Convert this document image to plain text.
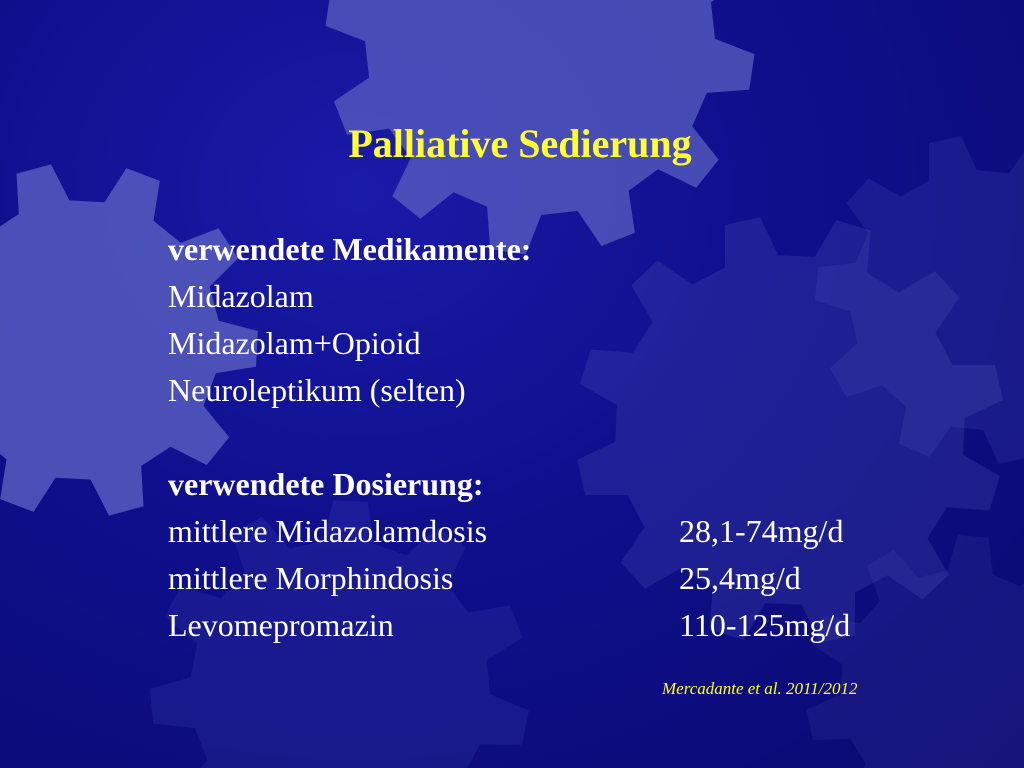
Palliative Sedierung
verwendete Medikamente:
Midazolam
Midazolam+Opioid
Neuroleptikum (selten)
verwendete Dosierung:
mittlere Midazolamdosis	28,1-74mg/d
mittlere Morphindosis	25,4mg/d
Levomepromazin	110-125mg/d
Mercadante et al. 2011/2012
